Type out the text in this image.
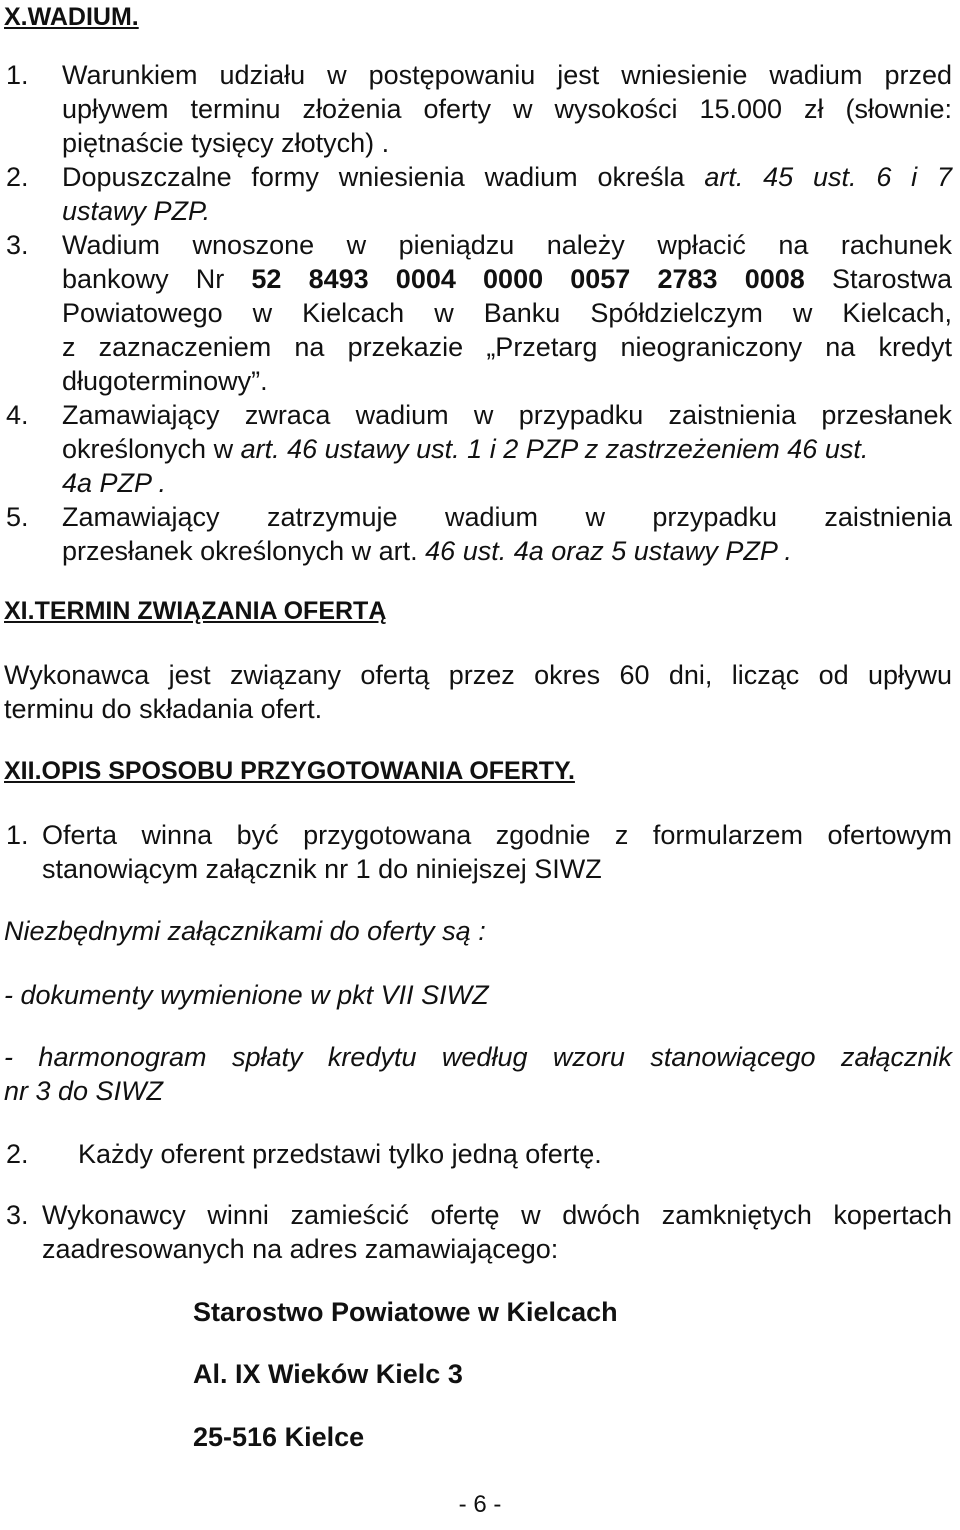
X.WADIUM.
1. Warunkiem udziału w postępowaniu jest wniesienie wadium przed
upływem terminu złożenia oferty w wysokości 15.000 zł (słownie:
piętnaście tysięcy złotych) .
2. Dopuszczalne formy wniesienia wadium określa art. 45 ust. 6 i 7
ustawy PZP.
3. Wadium wnoszone w pieniądzu należy wpłacić na rachunek
bankowy Nr 52 8493 0004 0000 0057 2783 0008 Starostwa
Powiatowego w Kielcach w Banku Spółdzielczym w Kielcach,
z zaznaczeniem na przekazie „Przetarg nieograniczony na kredyt
długoterminowy”.
4. Zamawiający zwraca wadium w przypadku zaistnienia przesłanek
określonych w art. 46 ustawy ust. 1 i 2 PZP z zastrzeżeniem 46 ust.
4a PZP .
5. Zamawiający zatrzymuje wadium w przypadku zaistnienia
przesłanek określonych w art. 46 ust. 4a oraz 5 ustawy PZP .
XI.TERMIN ZWIĄZANIA OFERTĄ
Wykonawca jest związany ofertą przez okres 60 dni, licząc od upływu
terminu do składania ofert.
XII.OPIS SPOSOBU PRZYGOTOWANIA OFERTY.
1. Oferta winna być przygotowana zgodnie z formularzem ofertowym
stanowiącym załącznik nr 1 do niniejszej SIWZ
Niezbędnymi załącznikami do oferty są :
- dokumenty wymienione w pkt VII SIWZ
- harmonogram spłaty kredytu według wzoru stanowiącego załącznik
nr 3 do SIWZ
2. Każdy oferent przedstawi tylko jedną ofertę.
3. Wykonawcy winni zamieścić ofertę w dwóch zamkniętych kopertach
zaadresowanych na adres zamawiającego:
Starostwo Powiatowe w Kielcach
Al. IX Wieków Kielc 3
25-516 Kielce
- 6 -
